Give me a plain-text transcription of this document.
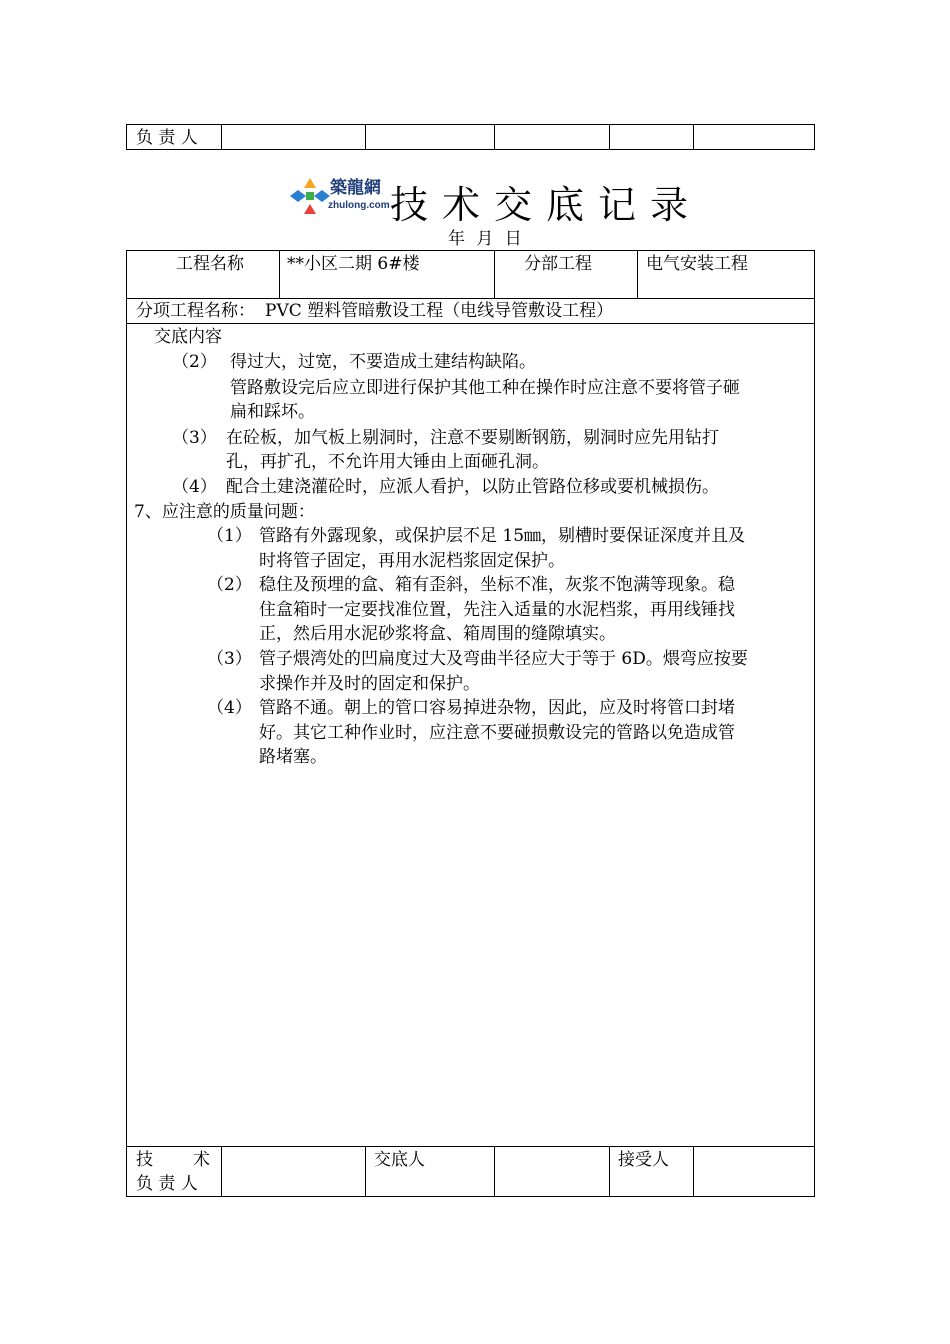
负 责 人
築龍網
zhulong.com 技术交底记录
年 月 日
工程名称	**小区二期 6#楼	分部工程	电气安装工程
分项工程名称： PVC 塑料管暗敷设工程（电线导管敷设工程）
交底内容
（2） 得过大，过宽，不要造成土建结构缺陷。
管路敷设完后应立即进行保护其他工种在操作时应注意不要将管子砸
扁和踩坏。
（3） 在砼板，加气板上剔洞时，注意不要剔断钢筋，剔洞时应先用钻打
孔，再扩孔，不允许用大锤由上面砸孔洞。
（4） 配合土建浇灌砼时，应派人看护，以防止管路位移或要机械损伤。
7、应注意的质量问题：
（1） 管路有外露现象，或保护层不足 15㎜，剔槽时要保证深度并且及
时将管子固定，再用水泥档浆固定保护。
（2） 稳住及预埋的盒、箱有歪斜，坐标不准，灰浆不饱满等现象。稳
住盒箱时一定要找准位置，先注入适量的水泥档浆，再用线锤找
正，然后用水泥砂浆将盒、箱周围的缝隙填实。
（3） 管子煨湾处的凹扁度过大及弯曲半径应大于等于 6D。煨弯应按要
求操作并及时的固定和保护。
（4） 管路不通。朝上的管口容易掉进杂物，因此，应及时将管口封堵
好。其它工种作业时，应注意不要碰损敷设完的管路以免造成管
路堵塞。
技　　术
负 责 人
交底人	接受人
